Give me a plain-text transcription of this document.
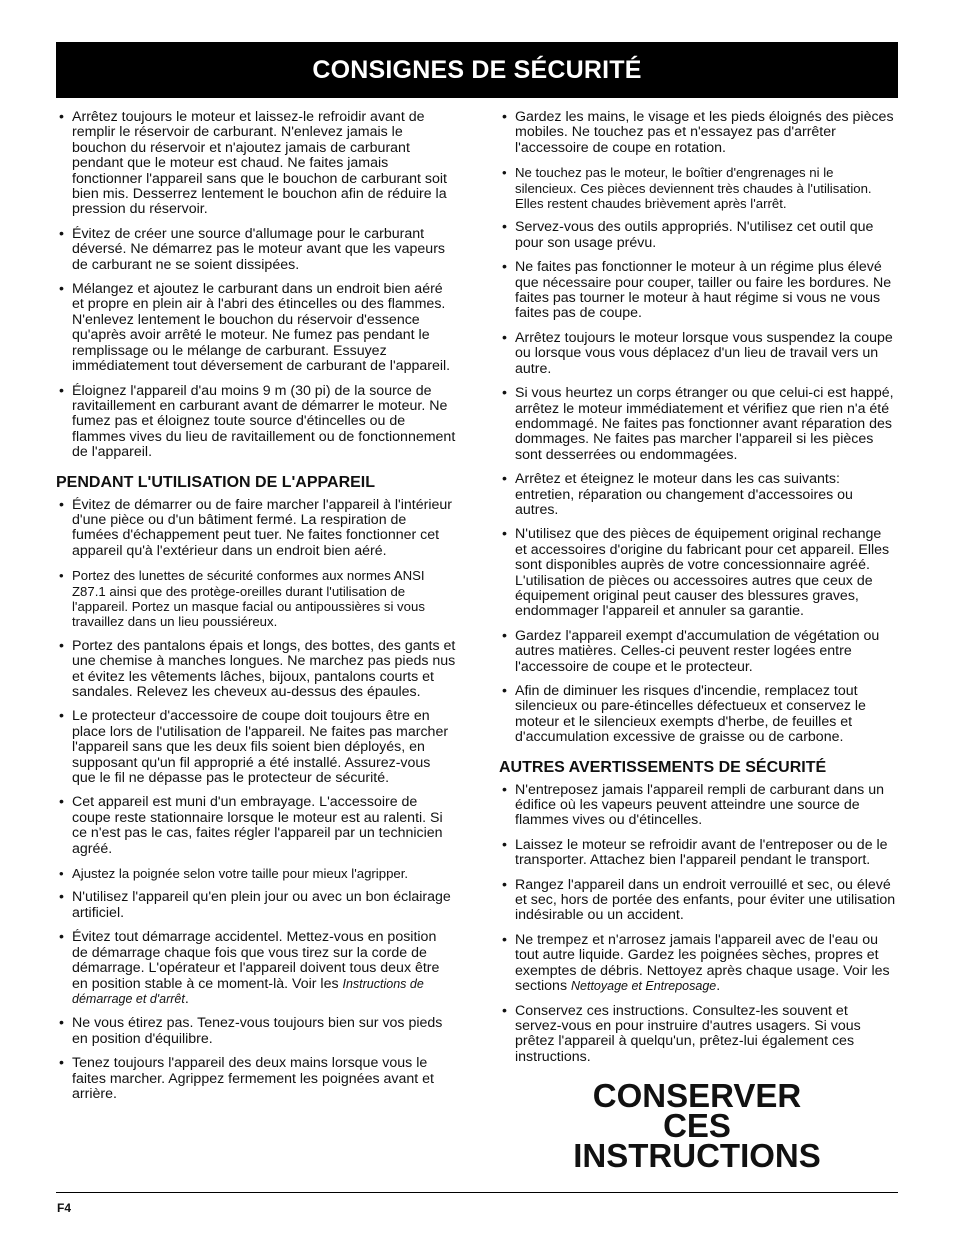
CONSIGNES DE SÉCURITÉ
• Arrêtez toujours le moteur et laissez-le refroidir avant de remplir le réservoir de carburant. N'enlevez jamais le bouchon du réservoir et n'ajoutez jamais de carburant pendant que le moteur est chaud. Ne faites jamais fonctionner l'appareil sans que le bouchon de carburant soit bien mis. Desserrez lentement le bouchon afin de réduire la pression du réservoir.
• Évitez de créer une source d'allumage pour le carburant déversé. Ne démarrez pas le moteur avant que les vapeurs de carburant ne se soient dissipées.
• Mélangez et ajoutez le carburant dans un endroit bien aéré et propre en plein air à l'abri des étincelles ou des flammes. N'enlevez lentement le bouchon du réservoir d'essence qu'après avoir arrêté le moteur. Ne fumez pas pendant le remplissage ou le mélange de carburant. Essuyez immédiatement tout déversement de carburant de l'appareil.
• Éloignez l'appareil d'au moins 9 m (30 pi) de la source de ravitaillement en carburant avant de démarrer le moteur. Ne fumez pas et éloignez toute source d'étincelles ou de flammes vives du lieu de ravitaillement ou de fonctionnement de l'appareil.
PENDANT L'UTILISATION DE L'APPAREIL
• Évitez de démarrer ou de faire marcher l'appareil à l'intérieur d'une pièce ou d'un bâtiment fermé. La respiration de fumées d'échappement peut tuer. Ne faites fonctionner cet appareil qu'à l'extérieur dans un endroit bien aéré.
• Portez des lunettes de sécurité conformes aux normes ANSI Z87.1 ainsi que des protège-oreilles durant l'utilisation de l'appareil. Portez un masque facial ou antipoussières si vous travaillez dans un lieu poussiéreux.
• Portez des pantalons épais et longs, des bottes, des gants et une chemise à manches longues. Ne marchez pas pieds nus et évitez les vêtements lâches, bijoux, pantalons courts et sandales. Relevez les cheveux au-dessus des épaules.
• Le protecteur d'accessoire de coupe doit toujours être en place lors de l'utilisation de l'appareil. Ne faites pas marcher l'appareil sans que les deux fils soient bien déployés, en supposant qu'un fil approprié a été installé. Assurez-vous que le fil ne dépasse pas le protecteur de sécurité.
• Cet appareil est muni d'un embrayage. L'accessoire de coupe reste stationnaire lorsque le moteur est au ralenti. Si ce n'est pas le cas, faites régler l'appareil par un technicien agréé.
• Ajustez la poignée selon votre taille pour mieux l'agripper.
• N'utilisez l'appareil qu'en plein jour ou avec un bon éclairage artificiel.
• Évitez tout démarrage accidentel. Mettez-vous en position de démarrage chaque fois que vous tirez sur la corde de démarrage. L'opérateur et l'appareil doivent tous deux être en position stable à ce moment-là. Voir les Instructions de démarrage et d'arrêt.
• Ne vous étirez pas. Tenez-vous toujours bien sur vos pieds en position d'équilibre.
• Tenez toujours l'appareil des deux mains lorsque vous le faites marcher. Agrippez fermement les poignées avant et arrière.
• Gardez les mains, le visage et les pieds éloignés des pièces mobiles. Ne touchez pas et n'essayez pas d'arrêter l'accessoire de coupe en rotation.
• Ne touchez pas le moteur, le boîtier d'engrenages ni le silencieux. Ces pièces deviennent très chaudes à l'utilisation. Elles restent chaudes brièvement après l'arrêt.
• Servez-vous des outils appropriés. N'utilisez cet outil que pour son usage prévu.
• Ne faites pas fonctionner le moteur à un régime plus élevé que nécessaire pour couper, tailler ou faire les bordures. Ne faites pas tourner le moteur à haut régime si vous ne vous faites pas de coupe.
• Arrêtez toujours le moteur lorsque vous suspendez la coupe ou lorsque vous vous déplacez d'un lieu de travail vers un autre.
• Si vous heurtez un corps étranger ou que celui-ci est happé, arrêtez le moteur immédiatement et vérifiez que rien n'a été endommagé. Ne faites pas fonctionner avant réparation des dommages. Ne faites pas marcher l'appareil si les pièces sont desserrées ou endommagées.
• Arrêtez et éteignez le moteur dans les cas suivants: entretien, réparation ou changement d'accessoires ou autres.
• N'utilisez que des pièces de équipement original rechange et accessoires d'origine du fabricant pour cet appareil. Elles sont disponibles auprès de votre concessionnaire agréé. L'utilisation de pièces ou accessoires autres que ceux de équipement original peut causer des blessures graves, endommager l'appareil et annuler sa garantie.
• Gardez l'appareil exempt d'accumulation de végétation ou autres matières. Celles-ci peuvent rester logées entre l'accessoire de coupe et le protecteur.
• Afin de diminuer les risques d'incendie, remplacez tout silencieux ou pare-étincelles défectueux et conservez le moteur et le silencieux exempts d'herbe, de feuilles et d'accumulation excessive de graisse ou de carbone.
AUTRES AVERTISSEMENTS DE SÉCURITÉ
• N'entreposez jamais l'appareil rempli de carburant dans un édifice où les vapeurs peuvent atteindre une source de flammes vives ou d'étincelles.
• Laissez le moteur se refroidir avant de l'entreposer ou de le transporter. Attachez bien l'appareil pendant le transport.
• Rangez l'appareil dans un endroit verrouillé et sec, ou élevé et sec, hors de portée des enfants, pour éviter une utilisation indésirable ou un accident.
• Ne trempez et n'arrosez jamais l'appareil avec de l'eau ou tout autre liquide. Gardez les poignées sèches, propres et exemptes de débris. Nettoyez après chaque usage. Voir les sections Nettoyage et Entreposage.
• Conservez ces instructions. Consultez-les souvent et servez-vous en pour instruire d'autres usagers. Si vous prêtez l'appareil à quelqu'un, prêtez-lui également ces instructions.
CONSERVER CES
INSTRUCTIONS
F4
